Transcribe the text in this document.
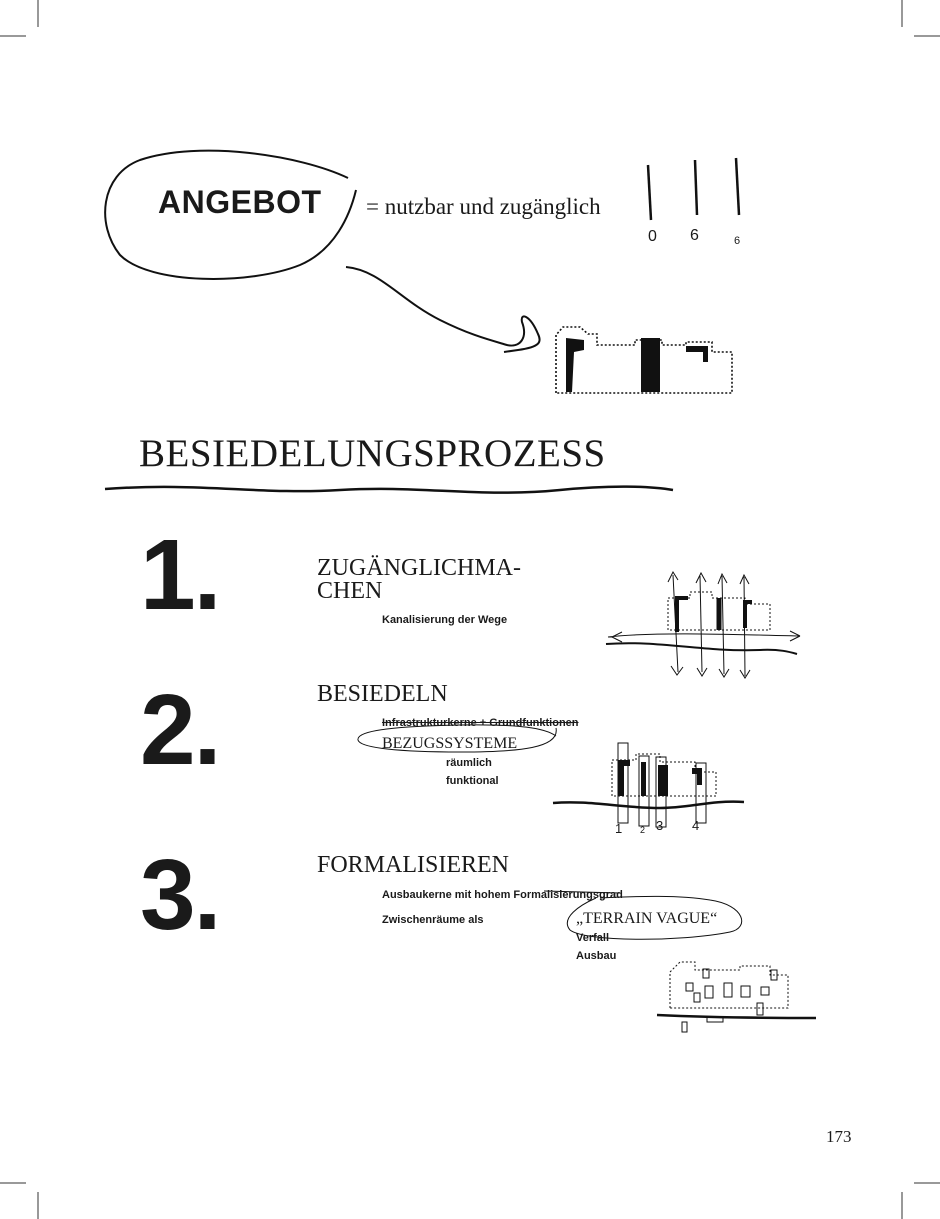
ANGEBOT = nutzbar und zugänglich
0 6	6
BESIEDELUNGSPROZESS
1.	ZUGÄNGLICHMA-
CHEN
Kanalisierung der Wege
2.	BESIEDELN
Infrastrukturkerne + Grundfunktionen
BEZUGSSYSTEME
räumlich
funktional
1 2 3 4
3.	FORMALISIEREN
Ausbaukerne mit hohem Formalisierungsgrad
Zwischenräume als	„TERRAIN VAGUE“
Verfall
Ausbau
173
